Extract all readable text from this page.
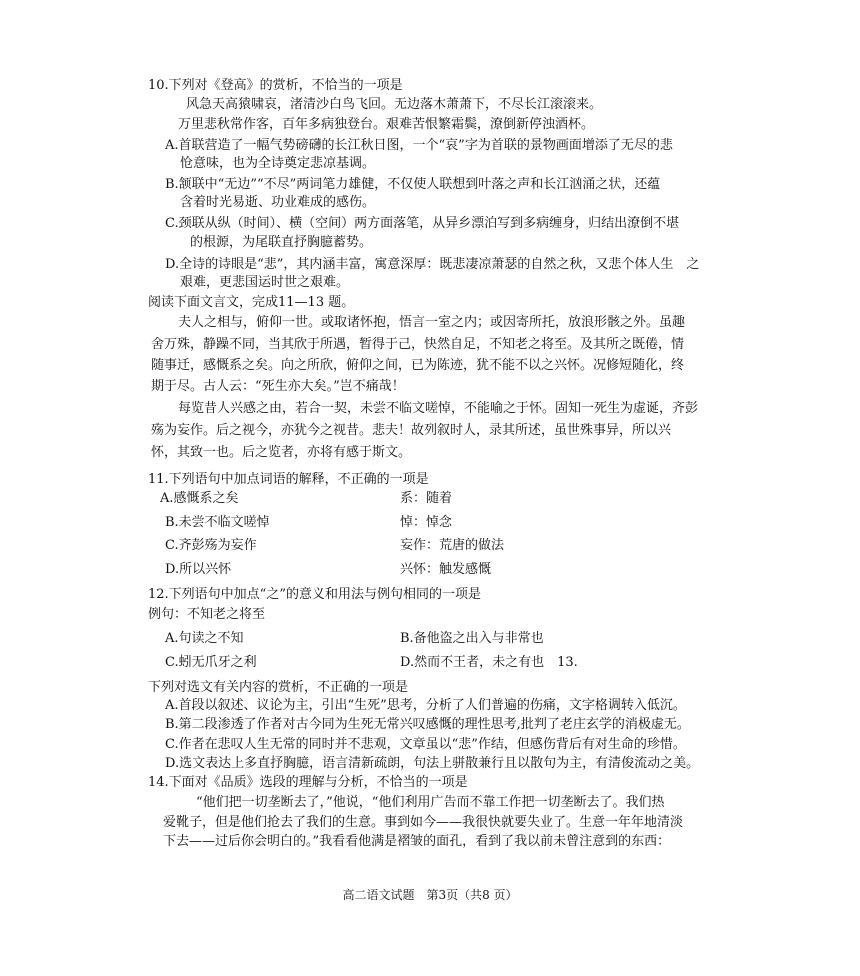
10.下列对《登高》的赏析，不恰当的一项是
风急天高猿啸哀，渚清沙白鸟飞回。无边落木萧萧下，不尽长江滚滚来。
万里悲秋常作客，百年多病独登台。艰难苦恨繁霜鬓，潦倒新停浊酒杯。
A.首联营造了一幅气势磅礴的长江秋日图，一个“哀”字为首联的景物画面增添了无尽的悲
怆意味，也为全诗奠定悲凉基调。
B.颔联中“无边”“不尽”两词笔力雄健，不仅使人联想到叶落之声和长江汹涌之状，还蕴
含着时光易逝、功业难成的感伤。
C.颈联从纵（时间）、横（空间）两方面落笔，从异乡漂泊写到多病缠身，归结出潦倒不堪
的根源，为尾联直抒胸臆蓄势。
D.全诗的诗眼是“悲”，其内涵丰富，寓意深厚：既悲凄凉萧瑟的自然之秋，又悲个体人生　之
艰难，更悲国运时世之艰难。
阅读下面文言文，完成11—13 题。
夫人之相与，俯仰一世。或取诸怀抱，悟言一室之内；或因寄所托，放浪形骸之外。虽趣
舍万殊，静躁不同，当其欣于所遇，暂得于己，快然自足，不知老之将至。及其所之既倦，情
随事迁，感慨系之矣。向之所欣，俯仰之间，已为陈迹，犹不能不以之兴怀。况修短随化，终
期于尽。古人云：“死生亦大矣。”岂不痛哉！
每览昔人兴感之由，若合一契，未尝不临文嗟悼，不能喻之于怀。固知一死生为虚诞，齐彭
殇为妄作。后之视今，亦犹今之视昔。悲夫！故列叙时人，录其所述，虽世殊事异，所以兴
怀，其致一也。后之览者，亦将有感于斯文。
11.下列语句中加点词语的解释，不正确的一项是
A.感慨系之矣	系：随着
B.未尝不临文嗟悼	悼：悼念
C.齐彭殇为妄作	妄作：荒唐的做法
D.所以兴怀	兴怀：触发感慨
12.下列语句中加点“之”的意义和用法与例句相同的一项是
例句：不知老之将至
A.句读之不知	B.备他盗之出入与非常也
C.蚓无爪牙之利	D.然而不王者，未之有也　13.
下列对选文有关内容的赏析，不正确的一项是
A.首段以叙述、议论为主，引出“生死”思考，分析了人们普遍的伤痛，文字格调转入低沉。
B.第二段渗透了作者对古今同为生死无常兴叹感慨的理性思考,批判了老庄玄学的消极虚无。
C.作者在悲叹人生无常的同时并不悲观，文章虽以“悲”作结，但感伤背后有对生命的珍惜。
D.选文表达上多直抒胸臆，语言清新疏朗，句法上骈散兼行且以散句为主，有清俊流动之美。
14.下面对《品质》选段的理解与分析，不恰当的一项是
“他们把一切垄断去了，”他说，“他们利用广告而不靠工作把一切垄断去了。我们热
爱靴子，但是他们抢去了我们的生意。事到如今——我很快就要失业了。生意一年年地清淡
下去——过后你会明白的。”我看看他满是褶皱的面孔，看到了我以前未曾注意到的东西：
高二语文试题　第3页（共8 页）
